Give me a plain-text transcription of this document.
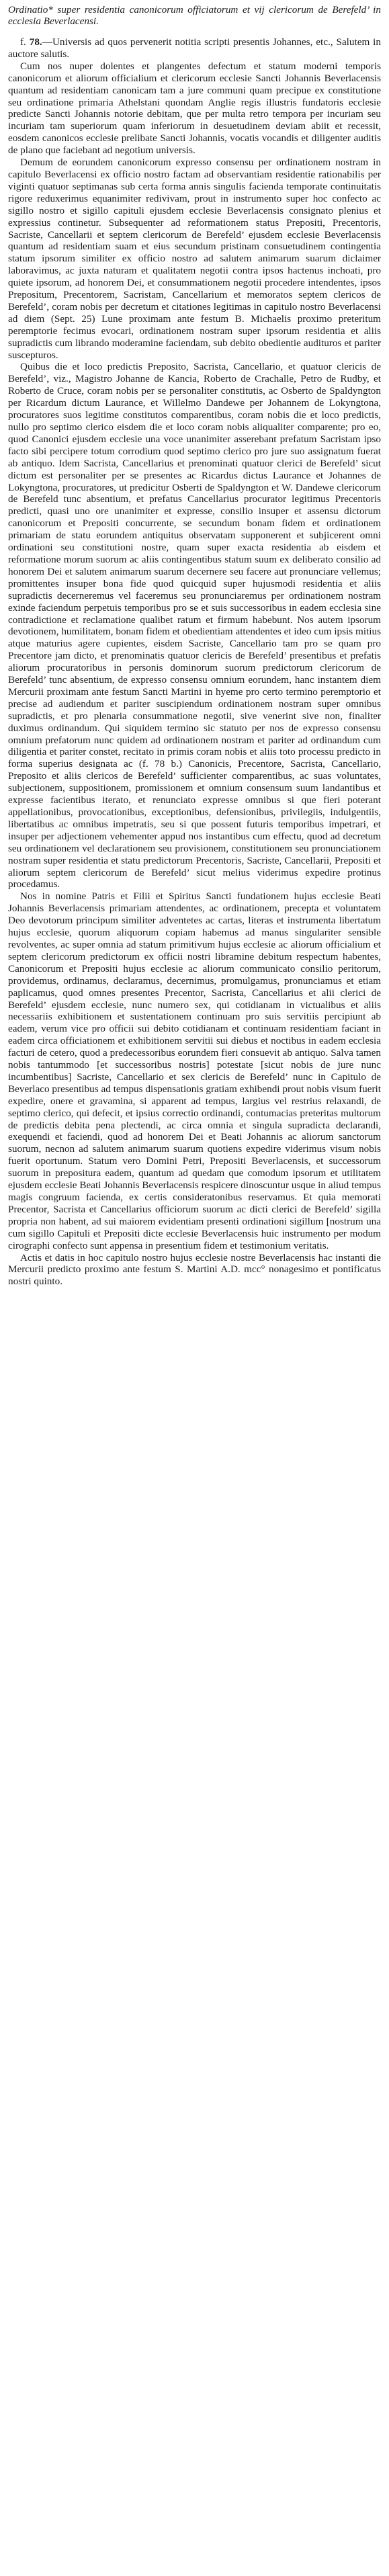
Ordinatio* super residentia canonicorum officiatorum et vij clericorum de Berefeld’ in ecclesia Beverlacensi.

f. 78.—Universis ad quos pervenerit notitia scripti presentis Johannes, etc., Salutem in auctore salutis.

Cum nos nuper dolentes et plangentes defectum et statum moderni temporis canonicorum et aliorum officialium et clericorum ecclesie Sancti Johannis Beverlacensis quantum ad residentiam canonicam tam a jure communi quam precipue ex constitutione seu ordinatione primaria Athelstani quondam Anglie regis illustris fundatoris ecclesie predicte Sancti Johannis notorie debitam, que per multa retro tempora per incuriam seu incuriam tam superiorum quam inferiorum in desuetudinem deviam abiit et recessit, eosdem canonicos ecclesie prelibate Sancti Johannis, vocatis vocandis et diligenter auditis de plano que faciebant ad negotium universis.

Demum de eorundem canonicorum expresso consensu per ordinationem nostram in capitulo Beverlacensi ex officio nostro factam ad observantiam residentie rationabilis per viginti quatuor septimanas sub certa forma annis singulis facienda temporate continuitatis rigore reduxerimus equanimiter redivivam, prout in instrumento super hoc confecto ac sigillo nostro et sigillo capituli ejusdem ecclesie Beverlacensis consignato plenius et expressius continetur. Subsequenter ad reformationem status Prepositi, Precentoris, Sacriste, Cancellarii et septem clericorum de Berefeld’ ejusdem ecclesie Beverlacensis quantum ad residentiam suam et eius secundum pristinam consuetudinem contingentia statum ipsorum similiter ex officio nostro ad salutem animarum suarum diclaimer laboravimus, ac juxta naturam et qualitatem negotii contra ipsos hactenus inchoati, pro quiete ipsorum, ad honorem Dei, et consummationem negotii procedere intendentes, ipsos Prepositum, Precentorem, Sacristam, Cancellarium et memoratos septem clericos de Berefeld’, coram nobis per decretum et citationes legitimas in capitulo nostro Beverlacensi ad diem (Sept. 25) Lune proximam ante festum B. Michaelis proximo preteritum peremptorie fecimus evocari, ordinationem nostram super ipsorum residentia et aliis supradictis cum librando moderamine faciendam, sub debito obedientie audituros et pariter suscepturos.

Quibus die et loco predictis Preposito, Sacrista, Cancellario, et quatuor clericis de Berefeld’, viz., Magistro Johanne de Kancia, Roberto de Crachalle, Petro de Rudby, et Roberto de Cruce, coram nobis per se personaliter constitutis, ac Osberto de Spaldyngton per Ricardum dictum Laurance, et Willelmo Dandewe per Johannem de Lokyngtona, procuratores suos legitime constitutos comparentibus, coram nobis die et loco predictis, nullo pro septimo clerico eisdem die et loco coram nobis aliqualiter comparente; pro eo, quod Canonici ejusdem ecclesie una voce unanimiter asserebant prefatum Sacristam ipso facto sibi percipere totum corrodium quod septimo clerico pro jure suo assignatum fuerat ab antiquo. Idem Sacrista, Cancellarius et prenominati quatuor clerici de Berefeld’ sicut dictum est personaliter per se presentes ac Ricardus dictus Laurance et Johannes de Lokyngtona, procuratores, ut predicitur Osberti de Spaldyngton et W. Dandewe clericorum de Berefeld tunc absentium, et prefatus Cancellarius procurator legitimus Precentoris predicti, quasi uno ore unanimiter et expresse, consilio insuper et assensu dictorum canonicorum et Prepositi concurrente, se secundum bonam fidem et ordinationem primariam de statu eorundem antiquitus observatam supponerent et subjicerent omni ordinationi seu constitutioni nostre, quam super exacta residentia ab eisdem et reformatione morum suorum ac aliis contingentibus statum suum ex deliberato consilio ad honorem Dei et salutem animarum suarum decernere seu facere aut pronunciare vellemus; promittentes insuper bona fide quod quicquid super hujusmodi residentia et aliis supradictis decerneremus vel faceremus seu pronunciaremus per ordinationem nostram exinde faciendum perpetuis temporibus pro se et suis successoribus in eadem ecclesia sine contradictione et reclamatione qualibet ratum et firmum habebunt. Nos autem ipsorum devotionem, humilitatem, bonam fidem et obedientiam attendentes et ideo cum ipsis mitius atque maturius agere cupientes, eisdem Sacriste, Cancellario tam pro se quam pro Precentore jam dicto, et prenominatis quatuor clericis de Berefeld’ presentibus et prefatis aliorum procuratoribus in personis dominorum suorum predictorum clericorum de Berefeld’ tunc absentium, de expresso consensu omnium eorundem, hanc instantem diem Mercurii proximam ante festum Sancti Martini in hyeme pro certo termino peremptorio et precise ad audiendum et pariter suscipiendum ordinationem nostram super omnibus supradictis, et pro plenaria consummatione negotii, sive venerint sive non, finaliter duximus ordinandum. Qui siquidem termino sic statuto per nos de expresso consensu omnium prefatorum nunc quidem ad ordinationem nostram et pariter ad ordinandum cum diligentia et pariter constet, recitato in primis coram nobis et aliis toto processu predicto in forma superius designata ac (f. 78 b.) Canonicis, Precentore, Sacrista, Cancellario, Preposito et aliis clericos de Berefeld’ sufficienter comparentibus, ac suas voluntates, subjectionem, suppositionem, promissionem et omnium consensum suum landantibus et expresse facientibus iterato, et renunciato expresse omnibus si que fieri poterant appellationibus, provocationibus, exceptionibus, defensionibus, privilegiis, indulgentiis, libertatibus ac omnibus impetratis, seu si que possent futuris temporibus impetrari, et insuper per adjectionem vehementer appud nos instantibus cum effectu, quod ad decretum seu ordinationem vel declarationem seu provisionem, constitutionem seu pronunciationem nostram super residentia et statu predictorum Precentoris, Sacriste, Cancellarii, Prepositi et aliorum septem clericorum de Berefeld’ sicut melius viderimus expedire protinus procedamus.

Nos in nomine Patris et Filii et Spiritus Sancti fundationem hujus ecclesie Beati Johannis Beverlacensis primariam attendentes, ac ordinationem, precepta et voluntatem Deo devotorum principum similiter adventetes ac cartas, literas et instrumenta libertatum hujus ecclesie, quorum aliquorum copiam habemus ad manus singulariter sensible revolventes, ac super omnia ad statum primitivum hujus ecclesie ac aliorum officialium et septem clericorum predictorum ex officii nostri libramine debitum respectum habentes, Canonicorum et Prepositi hujus ecclesie ac aliorum communicato consilio peritorum, providemus, ordinamus, declaramus, decernimus, promulgamus, pronunciamus et etiam paplicamus, quod omnes presentes Precentor, Sacrista, Cancellarius et alii clerici de Berefeld’ ejusdem ecclesie, nunc numero sex, qui cotidianam in victualibus et aliis necessariis exhibitionem et sustentationem continuam pro suis servitiis percipiunt ab eadem, verum vice pro officii sui debito cotidianam et continuam residentiam faciant in eadem circa officiationem et exhibitionem servitii sui diebus et noctibus in eadem ecclesia facturi de cetero, quod a predecessoribus eorundem fieri consuevit ab antiquo. Salva tamen nobis tantummodo [et successoribus nostris] potestate [sicut nobis de jure nunc incumbentibus] Sacriste, Cancellario et sex clericis de Berefeld’ nunc in Capitulo de Beverlaco presentibus ad tempus dispensationis gratiam exhibendi prout nobis visum fuerit expedire, onere et gravamina, si apparent ad tempus, largius vel restrius relaxandi, de septimo clerico, qui defecit, et ipsius correctio ordinandi, contumacias preteritas multorum de predictis debita pena plectendi, ac circa omnia et singula supradicta declarandi, exequendi et faciendi, quod ad honorem Dei et Beati Johannis ac aliorum sanctorum suorum, necnon ad salutem animarum suarum quotiens expedire viderimus visum nobis fuerit oportunum. Statum vero Domini Petri, Prepositi Beverlacensis, et successorum suorum in prepositura eadem, quantum ad quedam que comodum ipsorum et utilitatem ejusdem ecclesie Beati Johannis Beverlacensis respicere dinoscuntur usque in aliud tempus magis congruum facienda, ex certis consideratonibus reservamus. Et quia memorati Precentor, Sacrista et Cancellarius officiorum suorum ac dicti clerici de Berefeld’ sigilla propria non habent, ad sui maiorem evidentiam presenti ordinationi sigillum [nostrum una cum sigillo Capituli et Prepositi dicte ecclesie Beverlacensis huic instrumento per modum cirographi confecto sunt appensa in presentium fidem et testimonium veritatis.

Actis et datis in hoc capitulo nostro hujus ecclesie nostre Beverlacensis hac instanti die Mercurii predicto proximo ante festum S. Martini A.D. mcc° nonagesimo et pontificatus nostri quinto.
